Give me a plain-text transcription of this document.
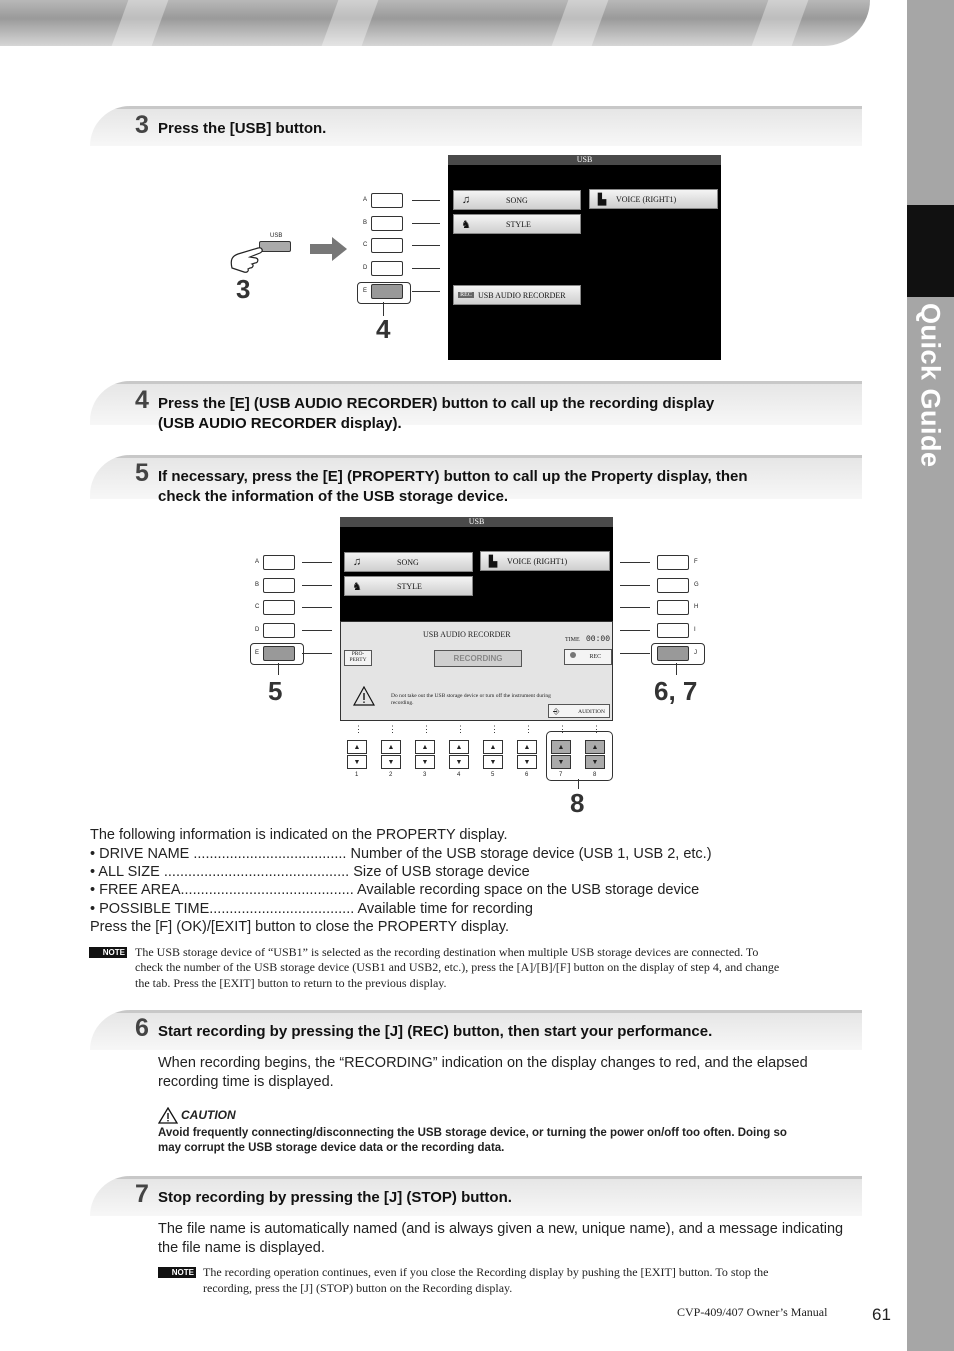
Quick Guide
3 Press the [USB] button.
USB
3
A
B
C
D
E
4
USB
♫	SONG
♞	STYLE
▙	VOICE (RIGHT1)
REC USB AUDIO RECORDER
4 Press the [E] (USB AUDIO RECORDER) button to call up the recording display
(USB AUDIO RECORDER display).
5 If necessary, press the [E] (PROPERTY) button to call up the Property display, then
check the information of the USB storage device.
A
B
C
D
E
5
F
G
H
I
J
6, 7
USB
♫	SONG
♞	STYLE
▙	VOICE (RIGHT1)
USB AUDIO RECORDER
PRO-
PERTY	RECORDING
TIME 00:00
REC
Do not take out the USB storage device or turn off the instrument during recording.
⎆	AUDITION
⋮
▲
▼
1
⋮
▲
▼
2
⋮
▲
▼
3
⋮
▲
▼
4
⋮
▲
▼
5
⋮
▲
▼
6
⋮
▲
▼
7
⋮
▲
▼
8
8
The following information is indicated on the PROPERTY display.
• DRIVE NAME ...................................... Number of the USB storage device (USB 1, USB 2, etc.)
• ALL SIZE .............................................. Size of USB storage device
• FREE AREA........................................... Available recording space on the USB storage device
• POSSIBLE TIME.................................... Available time for recording
Press the [F] (OK)/[EXIT] button to close the PROPERTY display.
NOTE The USB storage device of “USB1” is selected as the recording destination when multiple USB storage devices are connected. To
check the number of the USB storage device (USB1 and USB2, etc.), press the [A]/[B]/[F] button on the display of step 4, and change
the tab. Press the [EXIT] button to return to the previous display.
6 Start recording by pressing the [J] (REC) button, then start your performance.
When recording begins, the “RECORDING” indication on the display changes to red, and the elapsed
recording time is displayed.
CAUTION
Avoid frequently connecting/disconnecting the USB storage device, or turning the power on/off too often. Doing so
may corrupt the USB storage device data or the recording data.
7 Stop recording by pressing the [J] (STOP) button.
The file name is automatically named (and is always given a new, unique name), and a message indicating
the file name is displayed.
NOTE The recording operation continues, even if you close the Recording display by pushing the [EXIT] button. To stop the
recording, press the [J] (STOP) button on the Recording display.
CVP-409/407 Owner’s Manual	61
